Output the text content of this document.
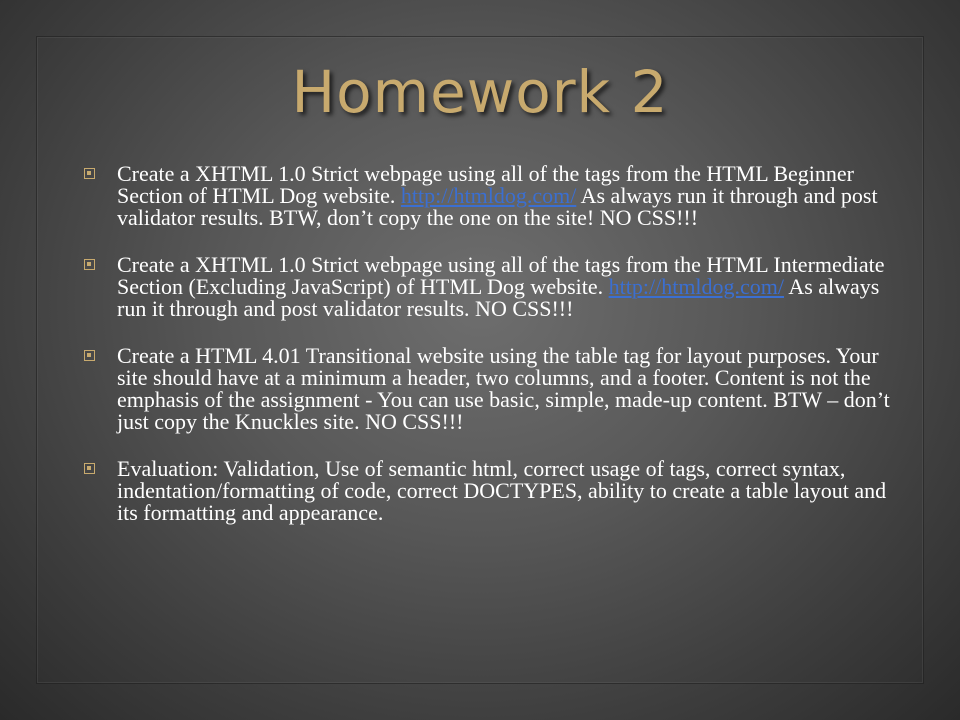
Homework 2
Create a XHTML 1.0 Strict webpage using all of the tags from the HTML Beginner Section of HTML Dog website. http://htmldog.com/ As always run it through and post validator results. BTW, don’t copy the one on the site! NO CSS!!!
Create a XHTML 1.0 Strict webpage using all of the tags from the HTML Intermediate Section (Excluding JavaScript) of HTML Dog website. http://htmldog.com/ As always run it through and post validator results. NO CSS!!!
Create a HTML 4.01 Transitional website using the table tag for layout purposes. Your site should have at a minimum a header, two columns, and a footer. Content is not the emphasis of the assignment - You can use basic, simple, made-up content. BTW – don’t just copy the Knuckles site. NO CSS!!!
Evaluation: Validation, Use of semantic html, correct usage of tags, correct syntax, indentation/formatting of code, correct DOCTYPES, ability to create a table layout and its formatting and appearance.
